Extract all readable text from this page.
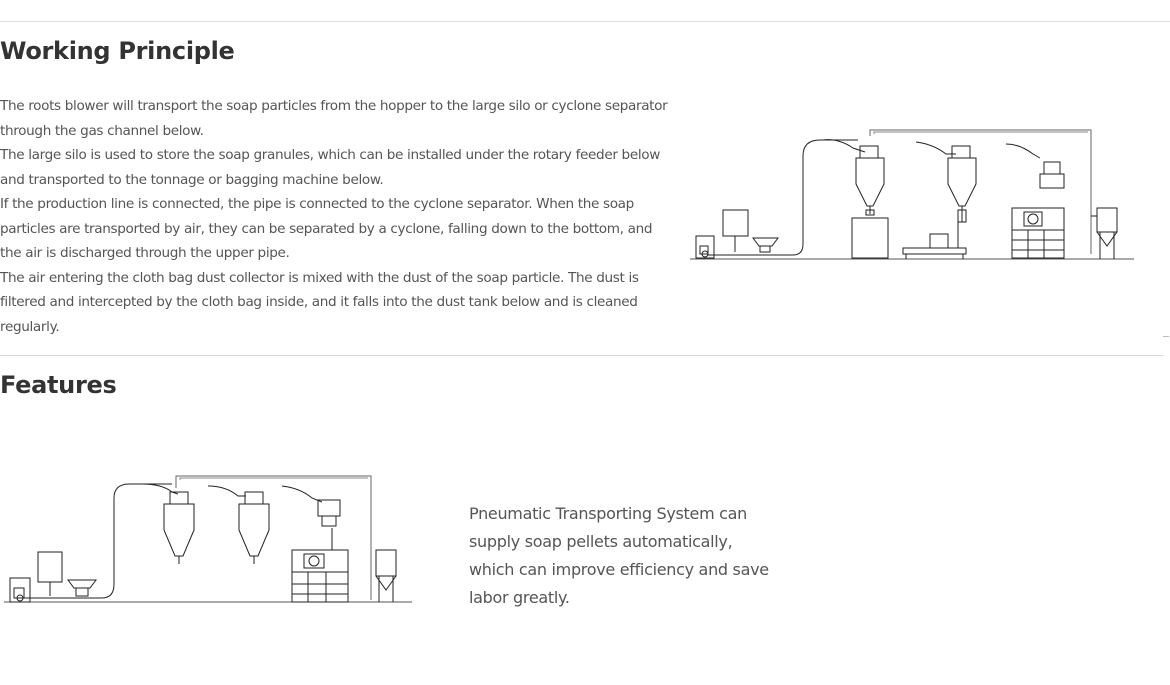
Working Principle

The roots blower will transport the soap particles from the hopper to the large silo or cyclone separator through the gas channel below.

The large silo is used to store the soap granules, which can be installed under the rotary feeder below and transported to the tonnage or bagging machine below.

If the production line is connected, the pipe is connected to the cyclone separator. When the soap particles are transported by air, they can be separated by a cyclone, falling down to the bottom, and the air is discharged through the upper pipe.

The air entering the cloth bag dust collector is mixed with the dust of the soap particle. The dust is filtered and intercepted by the cloth bag inside, and it falls into the dust tank below and is cleaned regularly.

Features
Pneumatic Transporting System can supply soap pellets automatically, which can improve efficiency and save labor greatly.
